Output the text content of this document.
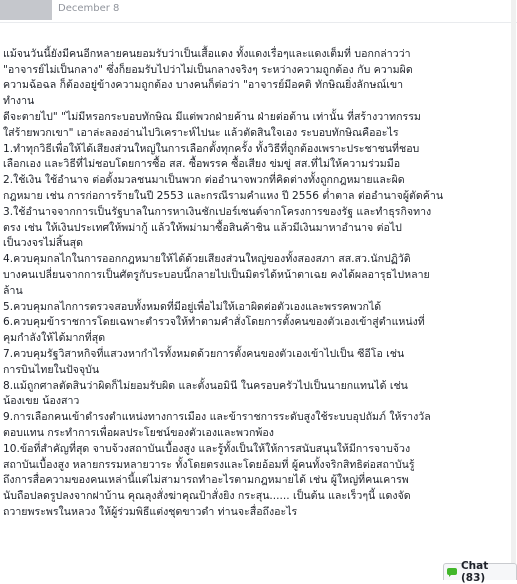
December 8

แม้จนวันนี้ยังมีคนอีกหลายคนยอมรับว่าเป็นเสื้อแดง ทั้งแดงเรื่อๆและแดงเต็มที่ บอกกล่าวว่า
"อาจารย์ไม่เป็นกลาง" ซึ่งก็ยอมรับไปว่าไม่เป็นกลางจริงๆ ระหว่างความถูกต้อง กับ ความผิด
ความฉ้อฉล ก็ต้องอยู่ข้างความถูกต้อง บางคนก็ต่อว่า "อาจารย์มีอคติ ทักษิณยิ่งลักษณ์เขา
ทำงาน
ดีจะตายไป" "ไม่มีหรอกระบอบทักษิณ มีแต่พวกฝ่ายค้าน ฝ่ายต่อต้าน เท่านั้น ที่สร้างวาทกรรม
ใส่ร้ายพวกเขา" เอาล่ะลองอ่านไปวิเคราะห์ไปนะ แล้วตัดสินใจเอง ระบอบทักษิณคืออะไร
1.ทำทุกวิธีเพื่อให้ได้เสียงส่วนใหญ่ในการเลือกตั้งทุกครั้ง ทั้งวิธีที่ถูกต้องเพราะประชาชนที่ชอบ
เลือกเอง และวิธีที่ไม่ชอบโดยการซื้อ สส. ซื้อพรรค ซื้อเสียง ข่มขู่ สส.ที่ไม่ให้ความร่วมมือ
2.ใช้เงิน ใช้อำนาจ ต่อตั้งมวลชนมาเป็นพวก ต่ออำนาจพวกที่คิดต่างทั้งถูกกฎหมายและผิด
กฎหมาย เช่น การก่อการร้ายในปี 2553 และกรณีรามคำแหง ปี 2556 ต่ำตาล ต่ออำนาจผู้ตัดค้าน
3.ใช้อำนาจจากการเป็นรัฐบาลในการหาเงินชักเปอร์เซนต์จากโครงการของรัฐ และทำธุรกิจทาง
ตรง เช่น ให้เงินประเทศให้พม่ากู้ แล้วให้พม่ามาซื้อสินค้าชิน แล้วมีเงินมาหาอำนาจ ต่อไป
เป็นวงจรไม่สิ้นสุด
4.ควบคุมกลไกในการออกกฎหมายให้ได้ด้วยเสียงส่วนใหญ่ของทั้งสองสภา สส.สว.นักปฏิวัติ
บางคนเปลี่ยนจากการเป็นศัตรูกับระบอบนี้กลายไปเป็นมิตรได้หน้าตาเฉย คงได้ผลอารุธไปหลาย
ล้าน
5.ควบคุมกลไกการตรวจสอบทั้งหมดที่มีอยู่เพื่อไม่ให้เอาผิดต่อตัวเองและพรรคพวกได้
6.ควบคุมข้าราชการโดยเฉพาะตำรวจให้ทำตามคำสั่งโดยการตั้งคนของตัวเองเข้าสู่ตำแหน่งที่
คุมกำลังให้ได้มากที่สุด
7.ควบคุมรัฐวิสาหกิจที่แสวงหากำไรทั้งหมดด้วยการตั้งคนของตัวเองเข้าไปเป็น ซีอีโอ เช่น
การบินไทยในปัจจุบัน
8.แม้ถูกศาลตัดสินว่าผิดก็ไม่ยอมรับผิด และตั้งนอมินี ในครอบครัวไปเป็นนายกแทนได้ เช่น
น้องเขย น้องสาว
9.การเลือกคนเข้าดำรงตำแหน่งทางการเมือง และข้าราชการระดับสูงใช้ระบบอุปถัมภ์ ให้รางวัล
ตอบแทน กระทำการเพื่อผลประโยชน์ของตัวเองและพวกพ้อง
10.ข้อที่สำคัญที่สุด จาบจ้วงสถาบันเบื้องสูง และรู้ทั้งเป็นให้ให้การสนับสนุนให้มีการจาบจ้วง
สถาบันเบื้องสูง หลายกรรมหลายวาระ ทั้งโดยตรงและโดยอ้อมที่ ผู้คนทั้งจริกสิทธิต่อสถาบันรู้
ถึงการสื่อความของคนเหล่านี้แต่ไม่สามารถทำอะไรตามกฎหมายได้ เช่น ผู้ใหญ่ที่คนเคารพ
นับถือปลดรูปลงจากฝาบ้าน คุณลุงสั่งฆ่าคุณป้าสั่งยิง กระสุน...... เป็นต้น และเร็วๆนี้ แดงจัด
ถวายพระพรในหลวง ให้ผู้ร่วมพิธีแต่งชุดขาวดำ ท่านจะสื่อถึงอะไร

Chat (83)
